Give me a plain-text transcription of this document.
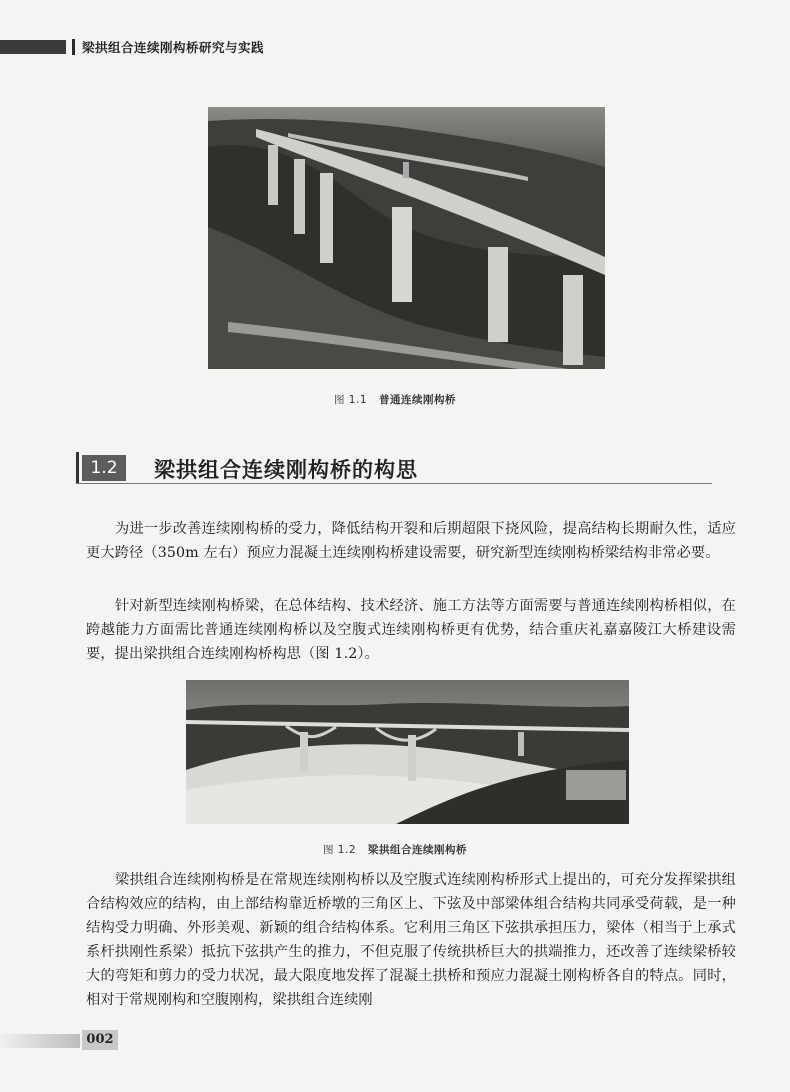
梁拱组合连续刚构桥研究与实践
图 1.1 普通连续刚构桥
1.2	梁拱组合连续刚构桥的构思
为进一步改善连续刚构桥的受力，降低结构开裂和后期超限下挠风险，提高结构长期耐久性，适应更大跨径（350m 左右）预应力混凝土连续刚构桥建设需要，研究新型连续刚构桥梁结构非常必要。
针对新型连续刚构桥梁，在总体结构、技术经济、施工方法等方面需要与普通连续刚构桥相似，在跨越能力方面需比普通连续刚构桥以及空腹式连续刚构桥更有优势，结合重庆礼嘉嘉陵江大桥建设需要，提出梁拱组合连续刚构桥构思（图 1.2）。
图 1.2 梁拱组合连续刚构桥
梁拱组合连续刚构桥是在常规连续刚构桥以及空腹式连续刚构桥形式上提出的，可充分发挥梁拱组合结构效应的结构，由上部结构靠近桥墩的三角区上、下弦及中部梁体组合结构共同承受荷载，是一种结构受力明确、外形美观、新颖的组合结构体系。它利用三角区下弦拱承担压力，梁体（相当于上承式系杆拱刚性系梁）抵抗下弦拱产生的推力，不但克服了传统拱桥巨大的拱端推力，还改善了连续梁桥较大的弯矩和剪力的受力状况，最大限度地发挥了混凝土拱桥和预应力混凝土刚构桥各自的特点。同时，相对于常规刚构和空腹刚构，梁拱组合连续刚
002
